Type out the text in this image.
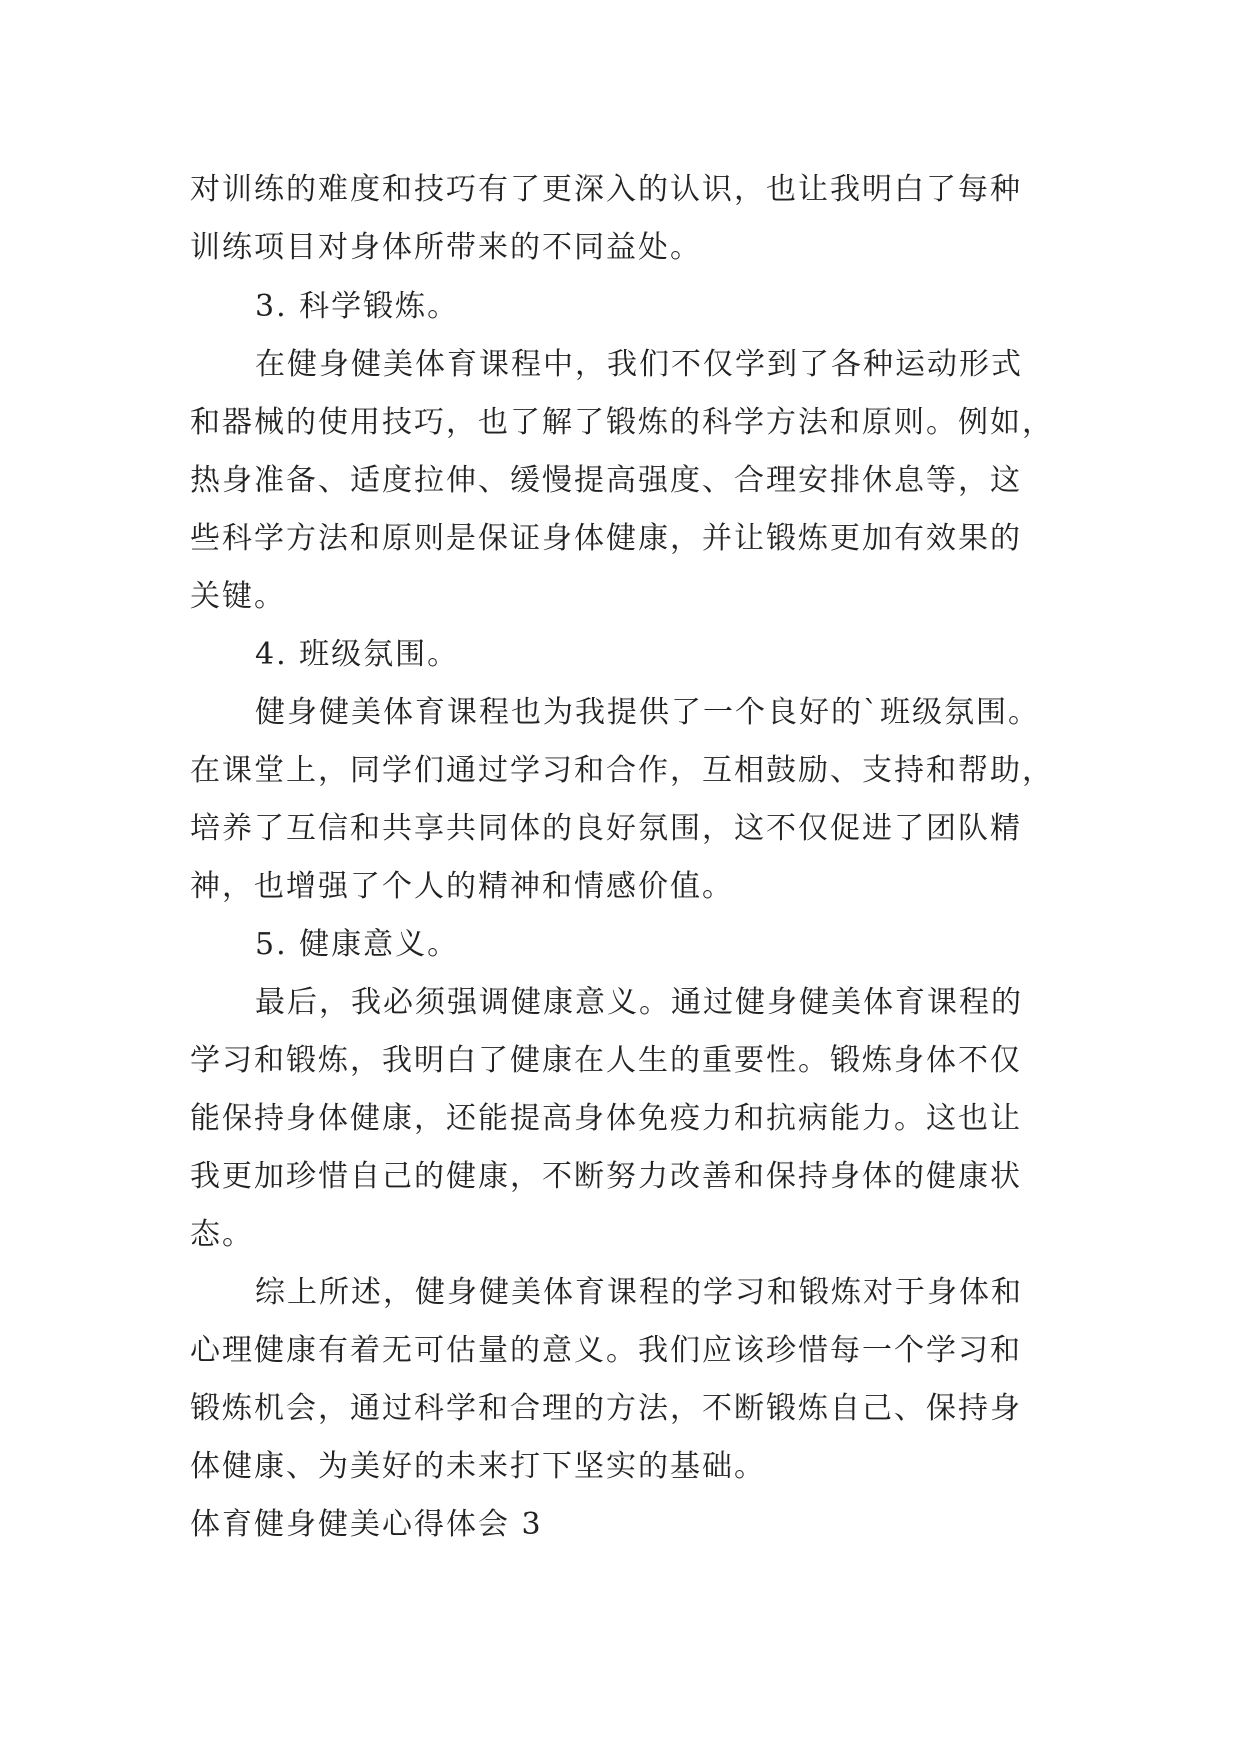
对训练的难度和技巧有了更深入的认识，也让我明白了每种
训练项目对身体所带来的不同益处。
3. 科学锻炼。
在健身健美体育课程中，我们不仅学到了各种运动形式
和器械的使用技巧，也了解了锻炼的科学方法和原则。例如，
热身准备、适度拉伸、缓慢提高强度、合理安排休息等，这
些科学方法和原则是保证身体健康，并让锻炼更加有效果的
关键。
4. 班级氛围。
健身健美体育课程也为我提供了一个良好的`班级氛围。
在课堂上，同学们通过学习和合作，互相鼓励、支持和帮助，
培养了互信和共享共同体的良好氛围，这不仅促进了团队精
神，也增强了个人的精神和情感价值。
5. 健康意义。
最后，我必须强调健康意义。通过健身健美体育课程的
学习和锻炼，我明白了健康在人生的重要性。锻炼身体不仅
能保持身体健康，还能提高身体免疫力和抗病能力。这也让
我更加珍惜自己的健康，不断努力改善和保持身体的健康状
态。
综上所述，健身健美体育课程的学习和锻炼对于身体和
心理健康有着无可估量的意义。我们应该珍惜每一个学习和
锻炼机会，通过科学和合理的方法，不断锻炼自己、保持身
体健康、为美好的未来打下坚实的基础。
体育健身健美心得体会 3
